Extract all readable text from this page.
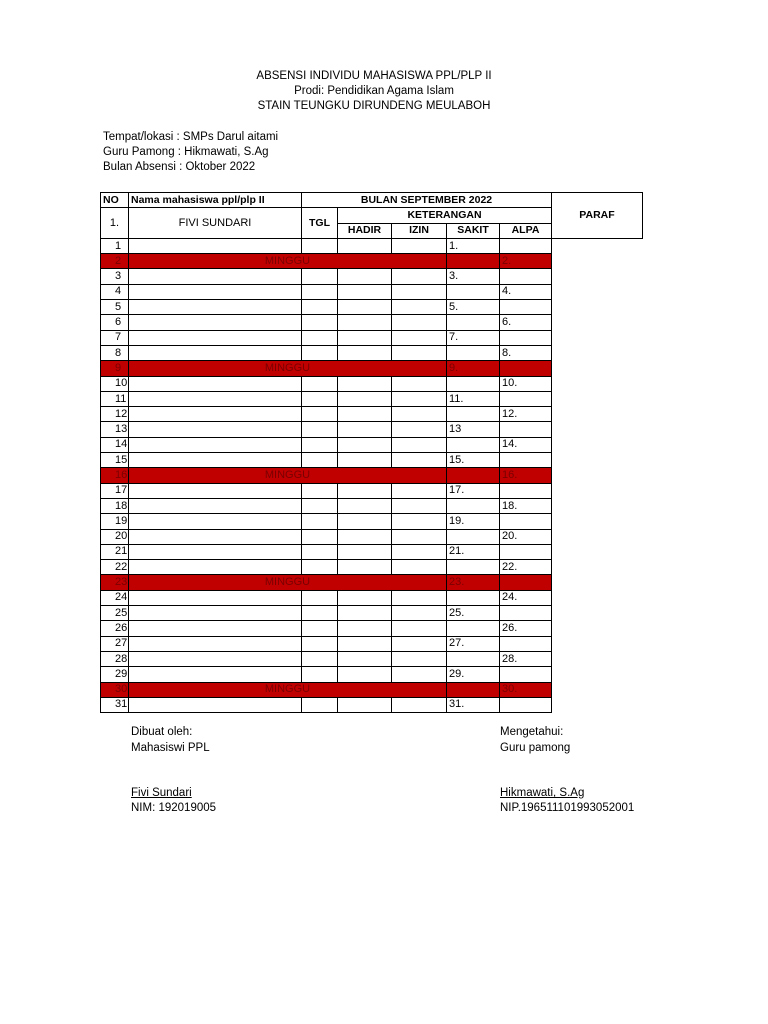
ABSENSI INDIVIDU MAHASISWA PPL/PLP II
Prodi: Pendidikan Agama Islam
STAIN TEUNGKU DIRUNDENG MEULABOH
Tempat/lokasi : SMPs Darul aitami
Guru Pamong : Hikmawati, S.Ag
Bulan Absensi : Oktober 2022
NO	Nama mahasiswa ppl/plp II	BULAN SEPTEMBER 2022					PARAF
1.	FIVI SUNDARI	TGL	KETERANGAN				
			HADIR	IZIN	SAKIT	ALPA	
1					1.		
2	MINGGU					2.	
3					3.		
4						4.	
5					5.		
6						6.	
7					7.		
8						8.	
9	MINGGU				9.		
10						10.	
11					11.		
12						12.	
13					13		
14						14.	
15					15.		
16	MINGGU					16.	
17					17.		
18						18.	
19					19.		
20						20.	
21					21.		
22						22.	
23	MINGGU				23.		
24						24.	
25					25.		
26						26.	
27					27.		
28						28.	
29					29.		
30	MINGGU					30.	
31					31.		
Dibuat oleh:
Mahasiswi PPL
Fivi Sundari
NIM: 192019005
Mengetahui:
Guru pamong
Hikmawati, S.Ag
NIP.196511101993052001
